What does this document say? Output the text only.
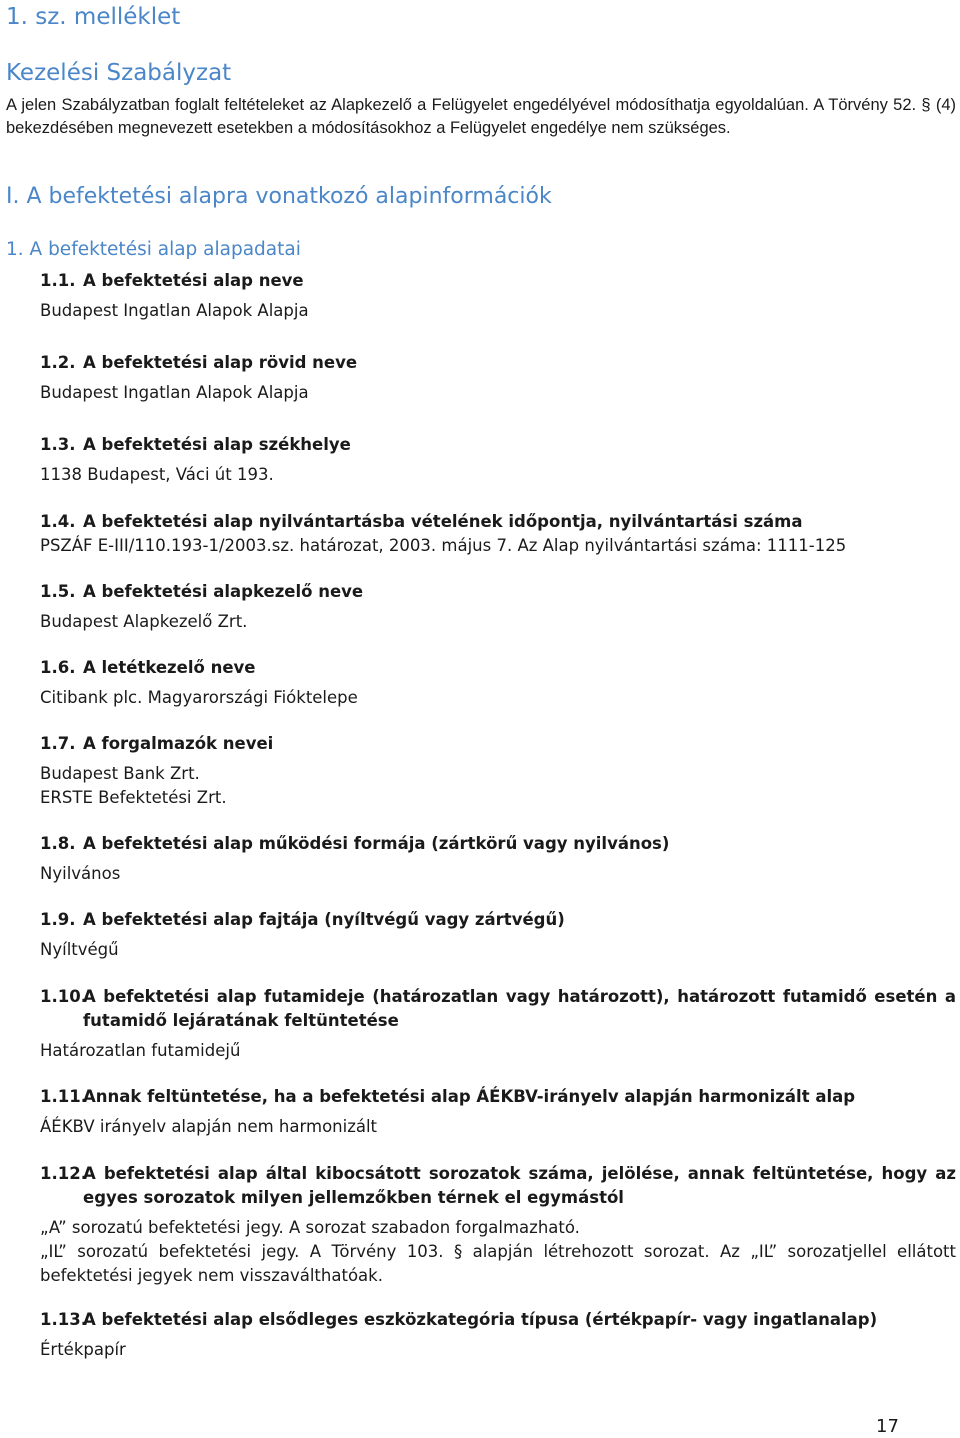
1. sz. melléklet
Kezelési Szabályzat
A jelen Szabályzatban foglalt feltételeket az Alapkezelő a Felügyelet engedélyével módosíthatja egyoldalúan. A Törvény 52. § (4) bekezdésében megnevezett esetekben a módosításokhoz a Felügyelet engedélye nem szükséges.
I. A befektetési alapra vonatkozó alapinformációk
1. A befektetési alap alapadatai
1.1. A befektetési alap neve
Budapest Ingatlan Alapok Alapja
1.2. A befektetési alap rövid neve
Budapest Ingatlan Alapok Alapja
1.3. A befektetési alap székhelye
1138 Budapest, Váci út 193.
1.4. A befektetési alap nyilvántartásba vételének időpontja, nyilvántartási száma
PSZÁF E-III/110.193-1/2003.sz. határozat, 2003. május 7. Az Alap nyilvántartási száma: 1111-125
1.5. A befektetési alapkezelő neve
Budapest Alapkezelő Zrt.
1.6. A letétkezelő neve
Citibank plc. Magyarországi Fióktelepe
1.7. A forgalmazók nevei
Budapest Bank Zrt.
ERSTE Befektetési Zrt.
1.8. A befektetési alap működési formája (zártkörű vagy nyilvános)
Nyilvános
1.9. A befektetési alap fajtája (nyíltvégű vagy zártvégű)
Nyíltvégű
1.10.
A befektetési alap futamideje (határozatlan vagy határozott), határozott futamidő esetén a futamidő lejáratának feltüntetése
Határozatlan futamidejű
1.11.
Annak feltüntetése, ha a befektetési alap ÁÉKBV-irányelv alapján harmonizált alap
ÁÉKBV irányelv alapján nem harmonizált
1.12.
A befektetési alap által kibocsátott sorozatok száma, jelölése, annak feltüntetése, hogy az egyes sorozatok milyen jellemzőkben térnek el egymástól
„A” sorozatú befektetési jegy. A sorozat szabadon forgalmazható.
„IL” sorozatú befektetési jegy. A Törvény 103. § alapján létrehozott sorozat. Az „IL” sorozatjellel ellátott befektetési jegyek nem visszaválthatóak.
1.13.
A befektetési alap elsődleges eszközkategória típusa (értékpapír- vagy ingatlanalap)
Értékpapír
17
